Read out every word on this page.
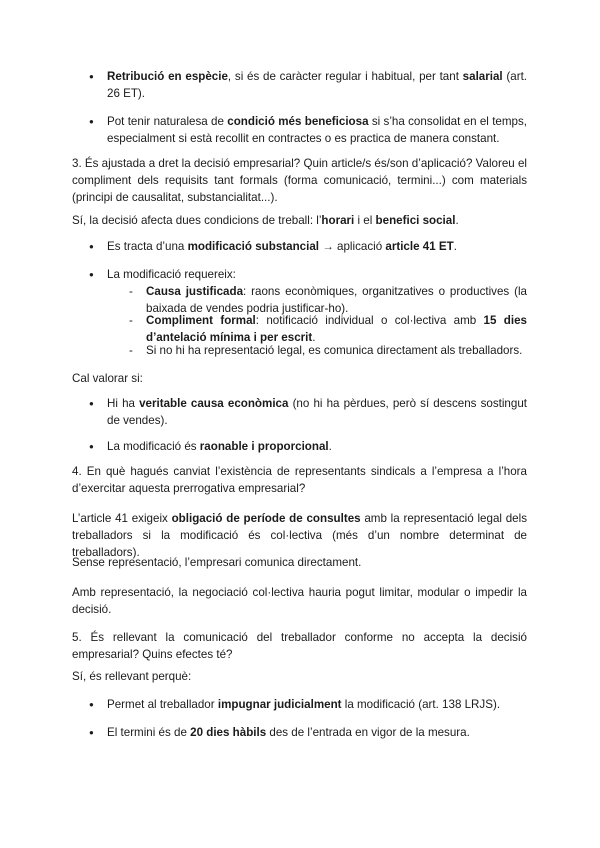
● Retribució en espècie, si és de caràcter regular i habitual, per tant salarial (art. 26 ET).

● Pot tenir naturalesa de condició més beneficiosa si s’ha consolidat en el temps, especialment si està recollit en contractes o es practica de manera constant.

3. És ajustada a dret la decisió empresarial? Quin article/s és/son d’aplicació? Valoreu el compliment dels requisits tant formals (forma comunicació, termini...) com materials (principi de causalitat, substancialitat...).

Sí, la decisió afecta dues condicions de treball: l’horari i el benefici social.

● Es tracta d’una modificació substancial → aplicació article 41 ET.

● La modificació requereix:

- Causa justificada: raons econòmiques, organitzatives o productives (la baixada de vendes podria justificar-ho).

- Compliment formal: notificació individual o col·lectiva amb 15 dies d’antelació mínima i per escrit.

- Si no hi ha representació legal, es comunica directament als treballadors.

Cal valorar si:

● Hi ha veritable causa econòmica (no hi ha pèrdues, però sí descens sostingut de vendes).

● La modificació és raonable i proporcional.

4. En què hagués canviat l’existència de representants sindicals a l’empresa a l’hora d’exercitar aquesta prerrogativa empresarial?

L’article 41 exigeix obligació de període de consultes amb la representació legal dels treballadors si la modificació és col·lectiva (més d’un nombre determinat de treballadors).

Sense representació, l’empresari comunica directament.

Amb representació, la negociació col·lectiva hauria pogut limitar, modular o impedir la decisió.

5. És rellevant la comunicació del treballador conforme no accepta la decisió empresarial? Quins efectes té?

Sí, és rellevant perquè:

● Permet al treballador impugnar judicialment la modificació (art. 138 LRJS).

● El termini és de 20 dies hàbils des de l’entrada en vigor de la mesura.
